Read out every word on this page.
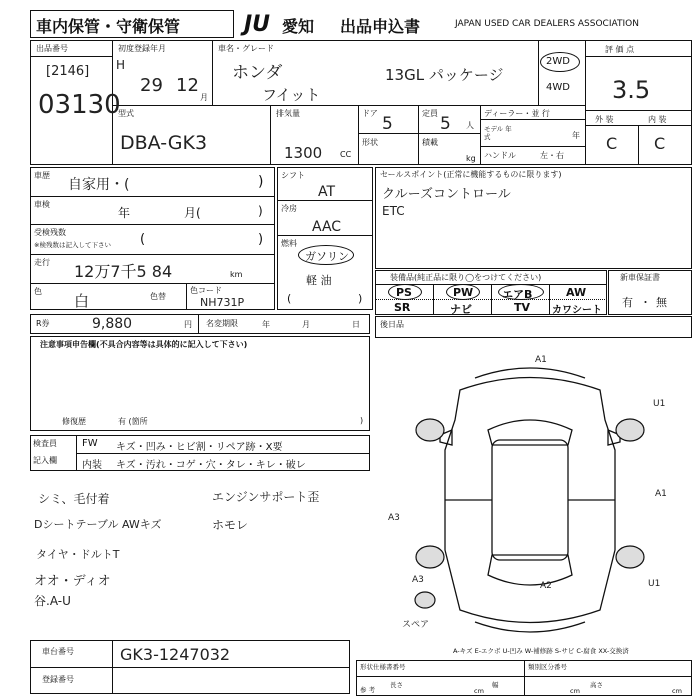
車内保管・守衛保管	JU 愛知 出品申込書	JAPAN USED CAR DEALERS ASSOCIATION
出品番号
[2146]
03130
初度登録年月
H
29 12
月
車名・グレード
ホンダ
フイット
13GL パッケージ
2WD
4WD
評 価 点
3.5
外 装	内 装
C C
型式
DBA-GK3
排気量
1300 CC
ドア
5
定員
5 人
形状	積載
kg
ディーラー・並 行
モデル 年式	年
ハンドル	左・右
車歴
自家用・(	)
車検
年	月(	)
受検残数
※検残数は記入して下さい (	)
走行 12万7千5 84	km
色
白	色替
色コード
NH731P
シフト
AT
冷房
AAC
燃料
ガソリン
軽 油
(	)
セールスポイント(正常に機能するものに限ります)
クルーズコントロール
ETC
装備品(純正品に限り◯をつけてください)
PS	PW	エアB	AW
SR	ナビ	TV カワシート
新車保証書
有 ・ 無
R券	9,880	円 名変期限	年	月	日	後日品
注意事項申告欄(不具合内容等は具体的に記入して下さい)
修復歴	有 (箇所	)
検査員
記入欄
FW キズ・凹み・ヒビ割・リペア跡・X要
内装 キズ・汚れ・コゲ・穴・タレ・キレ・破レ
シミ、毛付着	エンジンサポート歪
Dシートテーブル AWキズ	ホモレ
タイヤ・ドルトT
オオ・ディオ
谷.A-U
A1
U1
A1
A3
A3
A2	U1
スペア
A-キズ E-エクボ U-凹み W-補修跡 S-サビ C-腐食 XX-交換済
車台番号	GK3-1247032
登録番号
形状仕様書番号	類別区分番号
参 考
長さ
cm
幅
cm
高さ
cm
